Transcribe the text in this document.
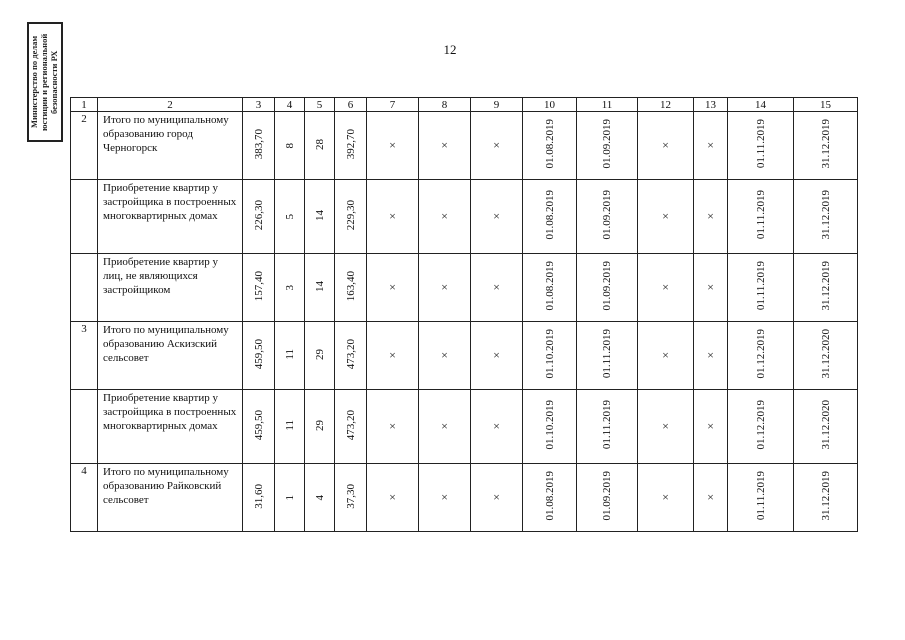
12
Министерство по делам юстиции и региональной безопасности РХ 1	2	3	4	5	6	7	8	9	10	11	12	13	14	15
2	Итого по муниципальному образованию город Черногорск	383,70	8	28	392,70	×	×	×	01.08.2019	01.09.2019	×	×	01.11.2019	31.12.2019
	Приобретение квартир у застройщика в построенных многоквартирных домах	226,30	5	14	229,30	×	×	×	01.08.2019	01.09.2019	×	×	01.11.2019	31.12.2019
	Приобретение квартир у лиц, не являющихся застройщиком	157,40	3	14	163,40	×	×	×	01.08.2019	01.09.2019	×	×	01.11.2019	31.12.2019
3	Итого по муниципальному образованию Аскизский сельсовет	459,50	11	29	473,20	×	×	×	01.10.2019	01.11.2019	×	×	01.12.2019	31.12.2020
	Приобретение квартир у застройщика в построенных многоквартирных домах	459,50	11	29	473,20	×	×	×	01.10.2019	01.11.2019	×	×	01.12.2019	31.12.2020
4	Итого по муниципальному образованию Райковский сельсовет	31,60	1	4	37,30	×	×	×	01.08.2019	01.09.2019	×	×	01.11.2019	31.12.2019
